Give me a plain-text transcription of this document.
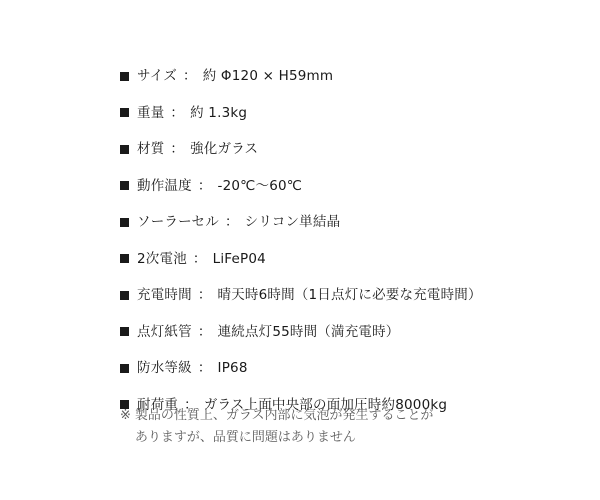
サイズ ： 約 Φ120 × H59mm
重量 ： 約 1.3kg
材質 ： 強化ガラス
動作温度 ： -20℃〜60℃
ソーラーセル ： シリコン単結晶
2次電池 ： LiFeP04
充電時間 ： 晴天時6時間（1日点灯に必要な充電時間）
点灯紙管 ： 連続点灯55時間（満充電時）
防水等級 ： IP68
耐荷重 ： ガラス上面中央部の面加圧時約8000kg
※ 製品の性質上、ガラス内部に気泡が発生することが
ありますが、品質に問題はありません
